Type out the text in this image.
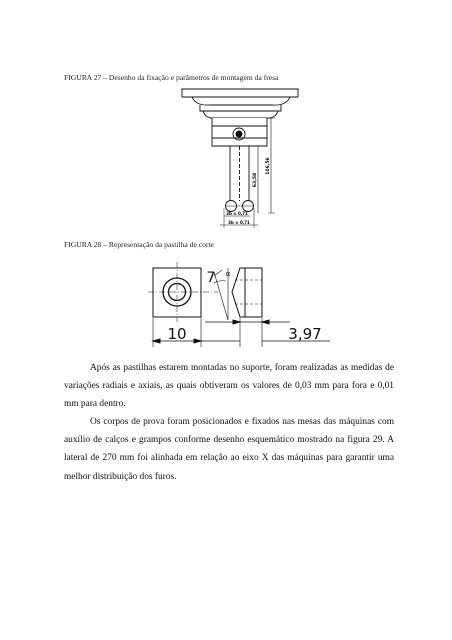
FIGURA 27 – Desenho da fixação e parâmetros de montagem da fresa
106,56
63,58
3b ± 0,71
3b ± 0,71
10	3,97
α
7
FIGURA 28 – Representação da pastilha de corte
Após as pastilhas estarem montadas no suporte, foram realizadas as medidas de variações radiais e axiais, as quais obtiveram os valores de 0,03 mm para fora e 0,01 mm para dentro.
Os corpos de prova foram posicionados e fixados nas mesas das máquinas com auxílio de calços e grampos conforme desenho esquemático mostrado na figura 29. A lateral de 270 mm foi alinhada em relação ao eixo X das máquinas para garantir uma melhor distribuição dos furos.
